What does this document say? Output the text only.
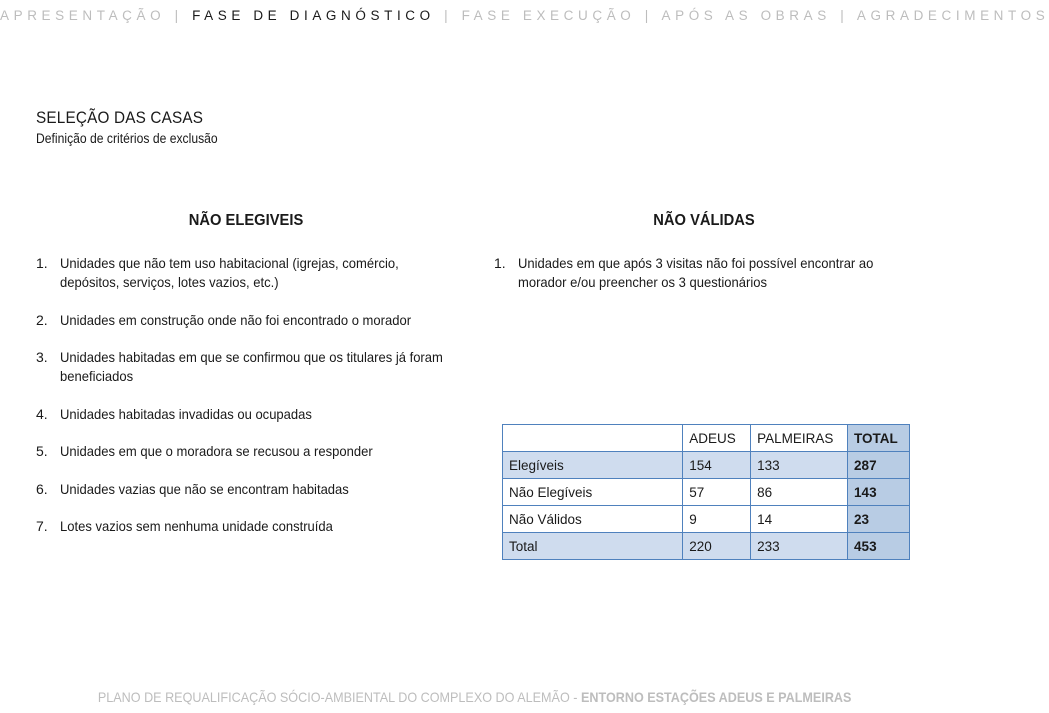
APRESENTAÇÃO | FASE DE DIAGNÓSTICO | FASE EXECUÇÃO | APÓS AS OBRAS | AGRADECIMENTOS
SELEÇÃO DAS CASAS
Definição de critérios de exclusão
NÃO ELEGIVEIS	NÃO VÁLIDAS
1. Unidades que não tem uso habitacional (igrejas, comércio, depósitos, serviços, lotes vazios, etc.)
2. Unidades em construção onde não foi encontrado o morador
3. Unidades habitadas em que se confirmou que os titulares já foram beneficiados
4. Unidades habitadas invadidas ou ocupadas
5. Unidades em que o moradora se recusou a responder
6. Unidades vazias que não se encontram habitadas
7. Lotes vazios sem nenhuma unidade construída
1. Unidades em que após 3 visitas não foi possível encontrar ao morador e/ou preencher os 3 questionários
	ADEUS	PALMEIRAS	TOTAL
Elegíveis	154	133	287
Não Elegíveis	57	86	143
Não Válidos	9	14	23
Total	220	233	453
PLANO DE REQUALIFICAÇÃO SÓCIO-AMBIENTAL DO COMPLEXO DO ALEMÃO - ENTORNO ESTAÇÕES ADEUS E PALMEIRAS
